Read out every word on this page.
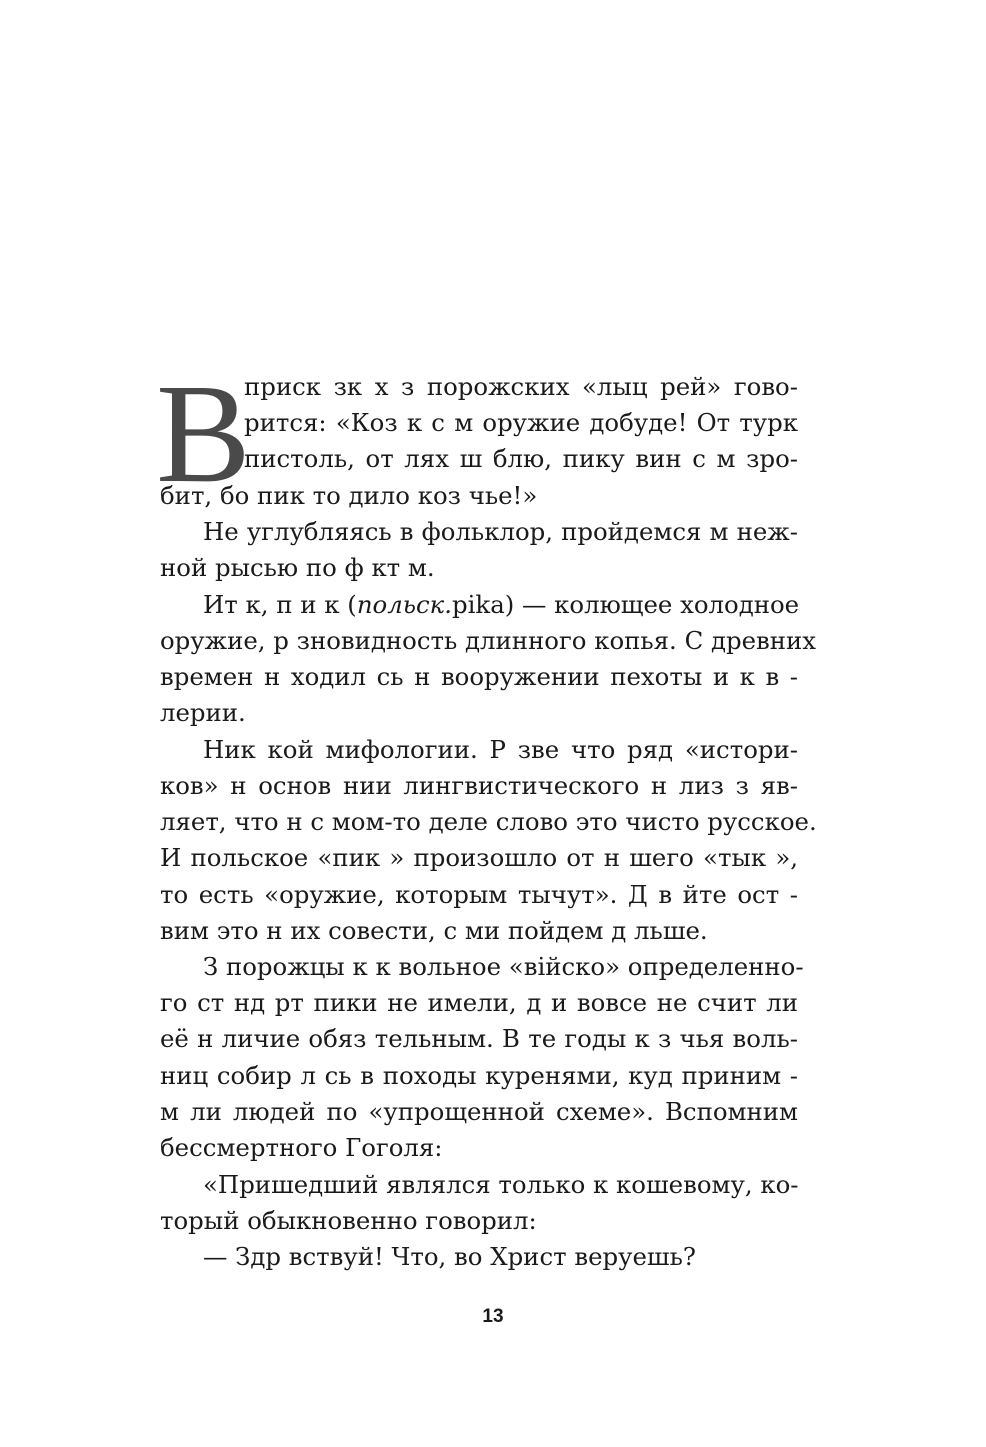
В
приск зк х з порожских «лыц рей» гово-
рится: «Коз к с м оружие добуде! От турк
пистоль, от лях ш блю, пику вин с м зро-
бит, бо пик то дило коз чье!»
Не углубляясь в фольклор, пройдемся м неж-
ной рысью по ф кт м.
Ит к, п и к (польск.pika) — колющее холодное
оружие, р зновидность длинного копья. С древних
времен н ходил сь н вооружении пехоты и к в -
лерии.
Ник кой мифологии. Р зве что ряд «истори-
ков» н основ нии лингвистического н лиз з яв-
ляет, что н с мом-то деле слово это чисто русское.
И польское «пик » произошло от н шего «тык »,
то есть «оружие, которым тычут». Д в йте ост -
вим это н их совести, с ми пойдем д льше.
З порожцы к к вольное «війско» определенно-
го ст нд рт пики не имели, д и вовсе не счит ли
её н личие обяз тельным. В те годы к з чья воль-
ниц собир л сь в походы куренями, куд приним -
м ли людей по «упрощенной схеме». Вспомним
бессмертного Гоголя:
«Пришедший являлся только к кошевому, ко-
торый обыкновенно говорил:
— Здр вствуй! Что, во Христ веруешь?
13
